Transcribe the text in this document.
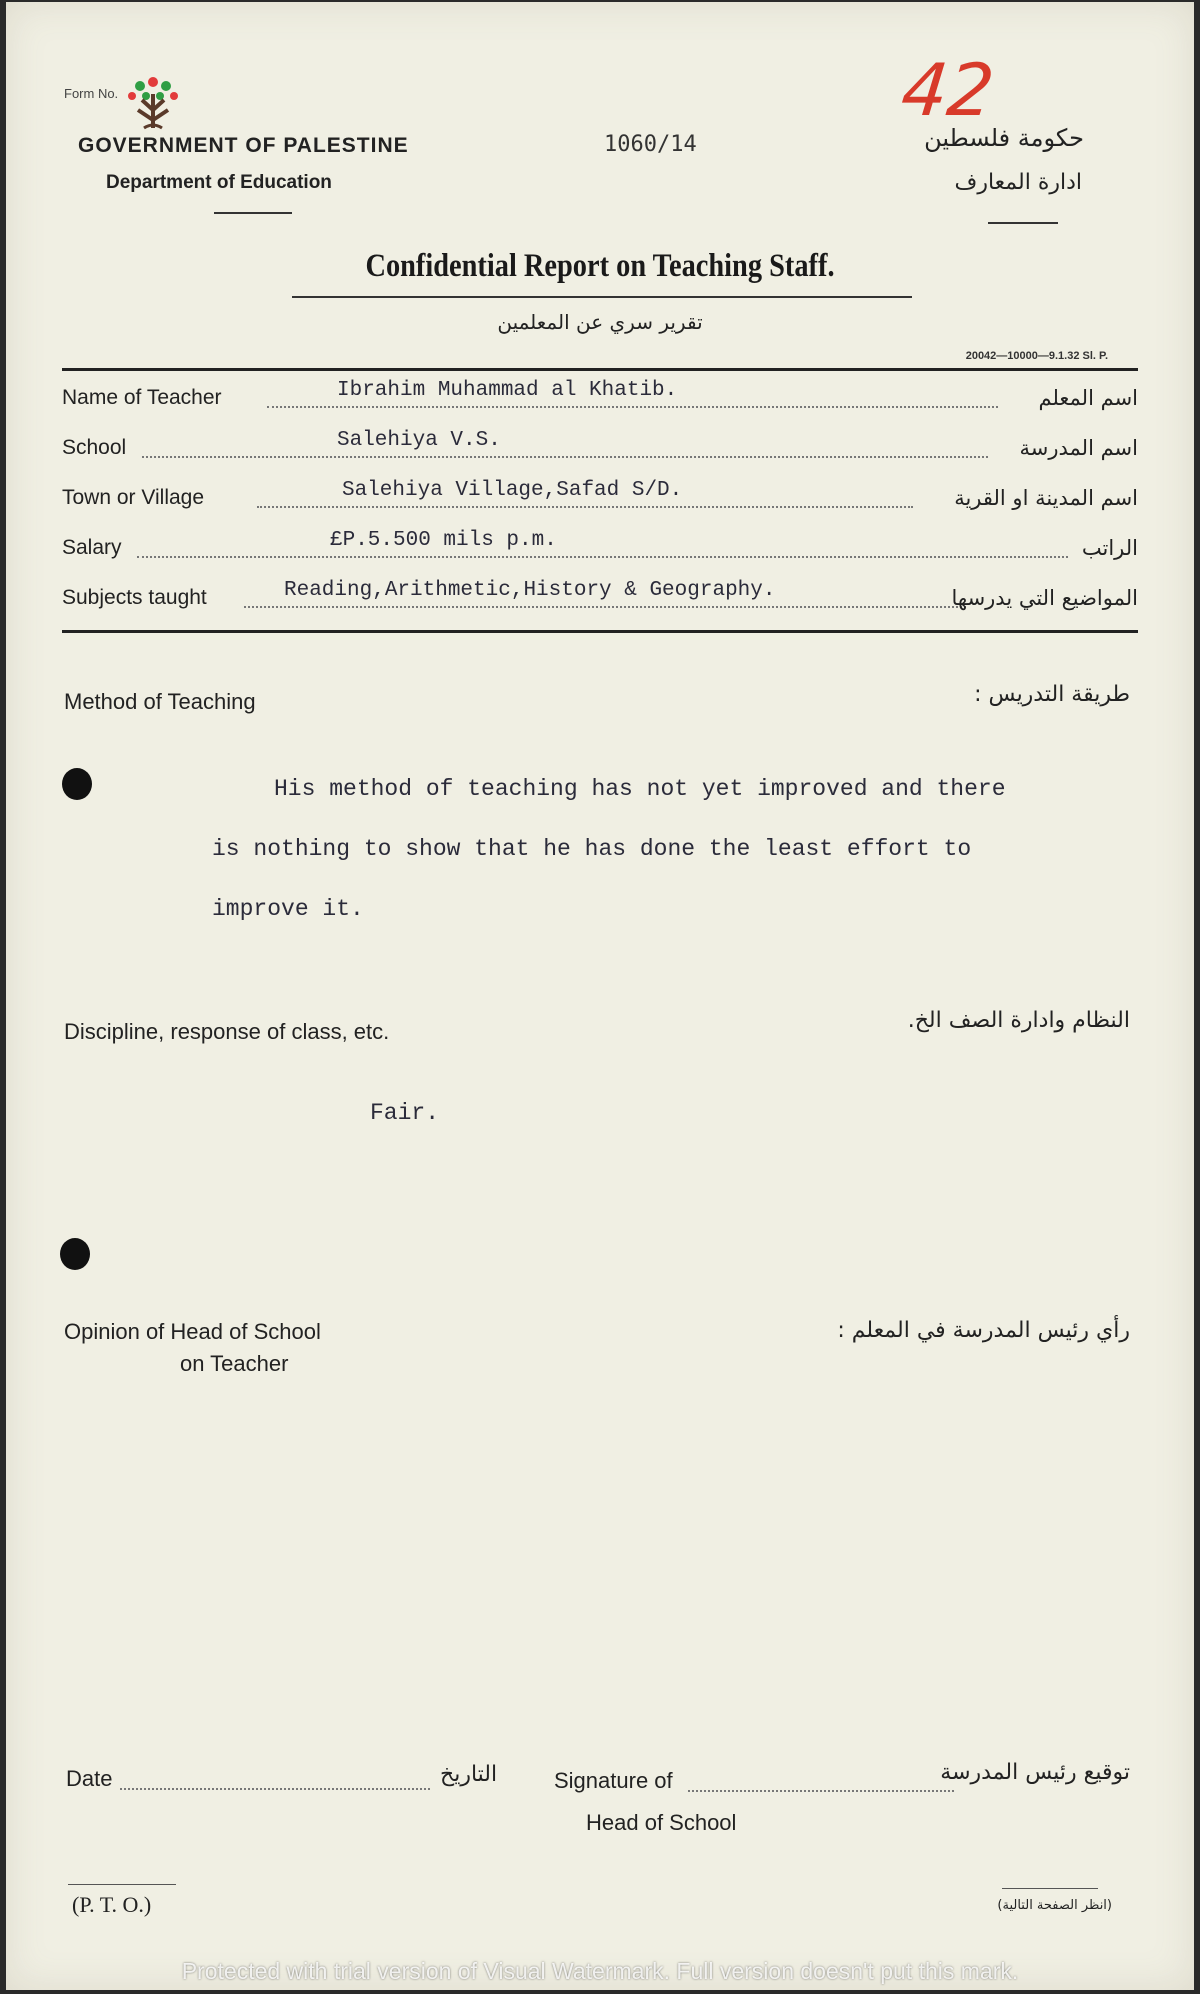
Form No.
GOVERNMENT OF PALESTINE
Department of Education
1060/14
42
حكومة فلسطين
ادارة المعارف
Confidential Report on Teaching Staff.
تقرير سري عن المعلمين
20042—10000—9.1.32 Sl. P.
Name of Teacher	Ibrahim Muhammad al Khatib.	اسم المعلم
School	Salehiya V.S.	اسم المدرسة
Town or Village	Salehiya Village,Safad S/D.	اسم المدينة او القرية
Salary	£P.5.500 mils p.m.	الراتب
Subjects taught	Reading,Arithmetic,History & Geography.	المواضيع التي يدرسها
Method of Teaching	طريقة التدريس :
His method of teaching has not yet improved and there
is nothing to show that he has done the least effort to
improve it.
Discipline, response of class, etc.	النظام وادارة الصف الخ.
Fair.
Opinion of Head of School
on Teacher
رأي رئيس المدرسة في المعلم :
Date	التاريخ	Signature of	توقيع رئيس المدرسة
Head of School
(P. T. O.)	(انظر الصفحة التالية)
Protected with trial version of Visual Watermark. Full version doesn't put this mark.
